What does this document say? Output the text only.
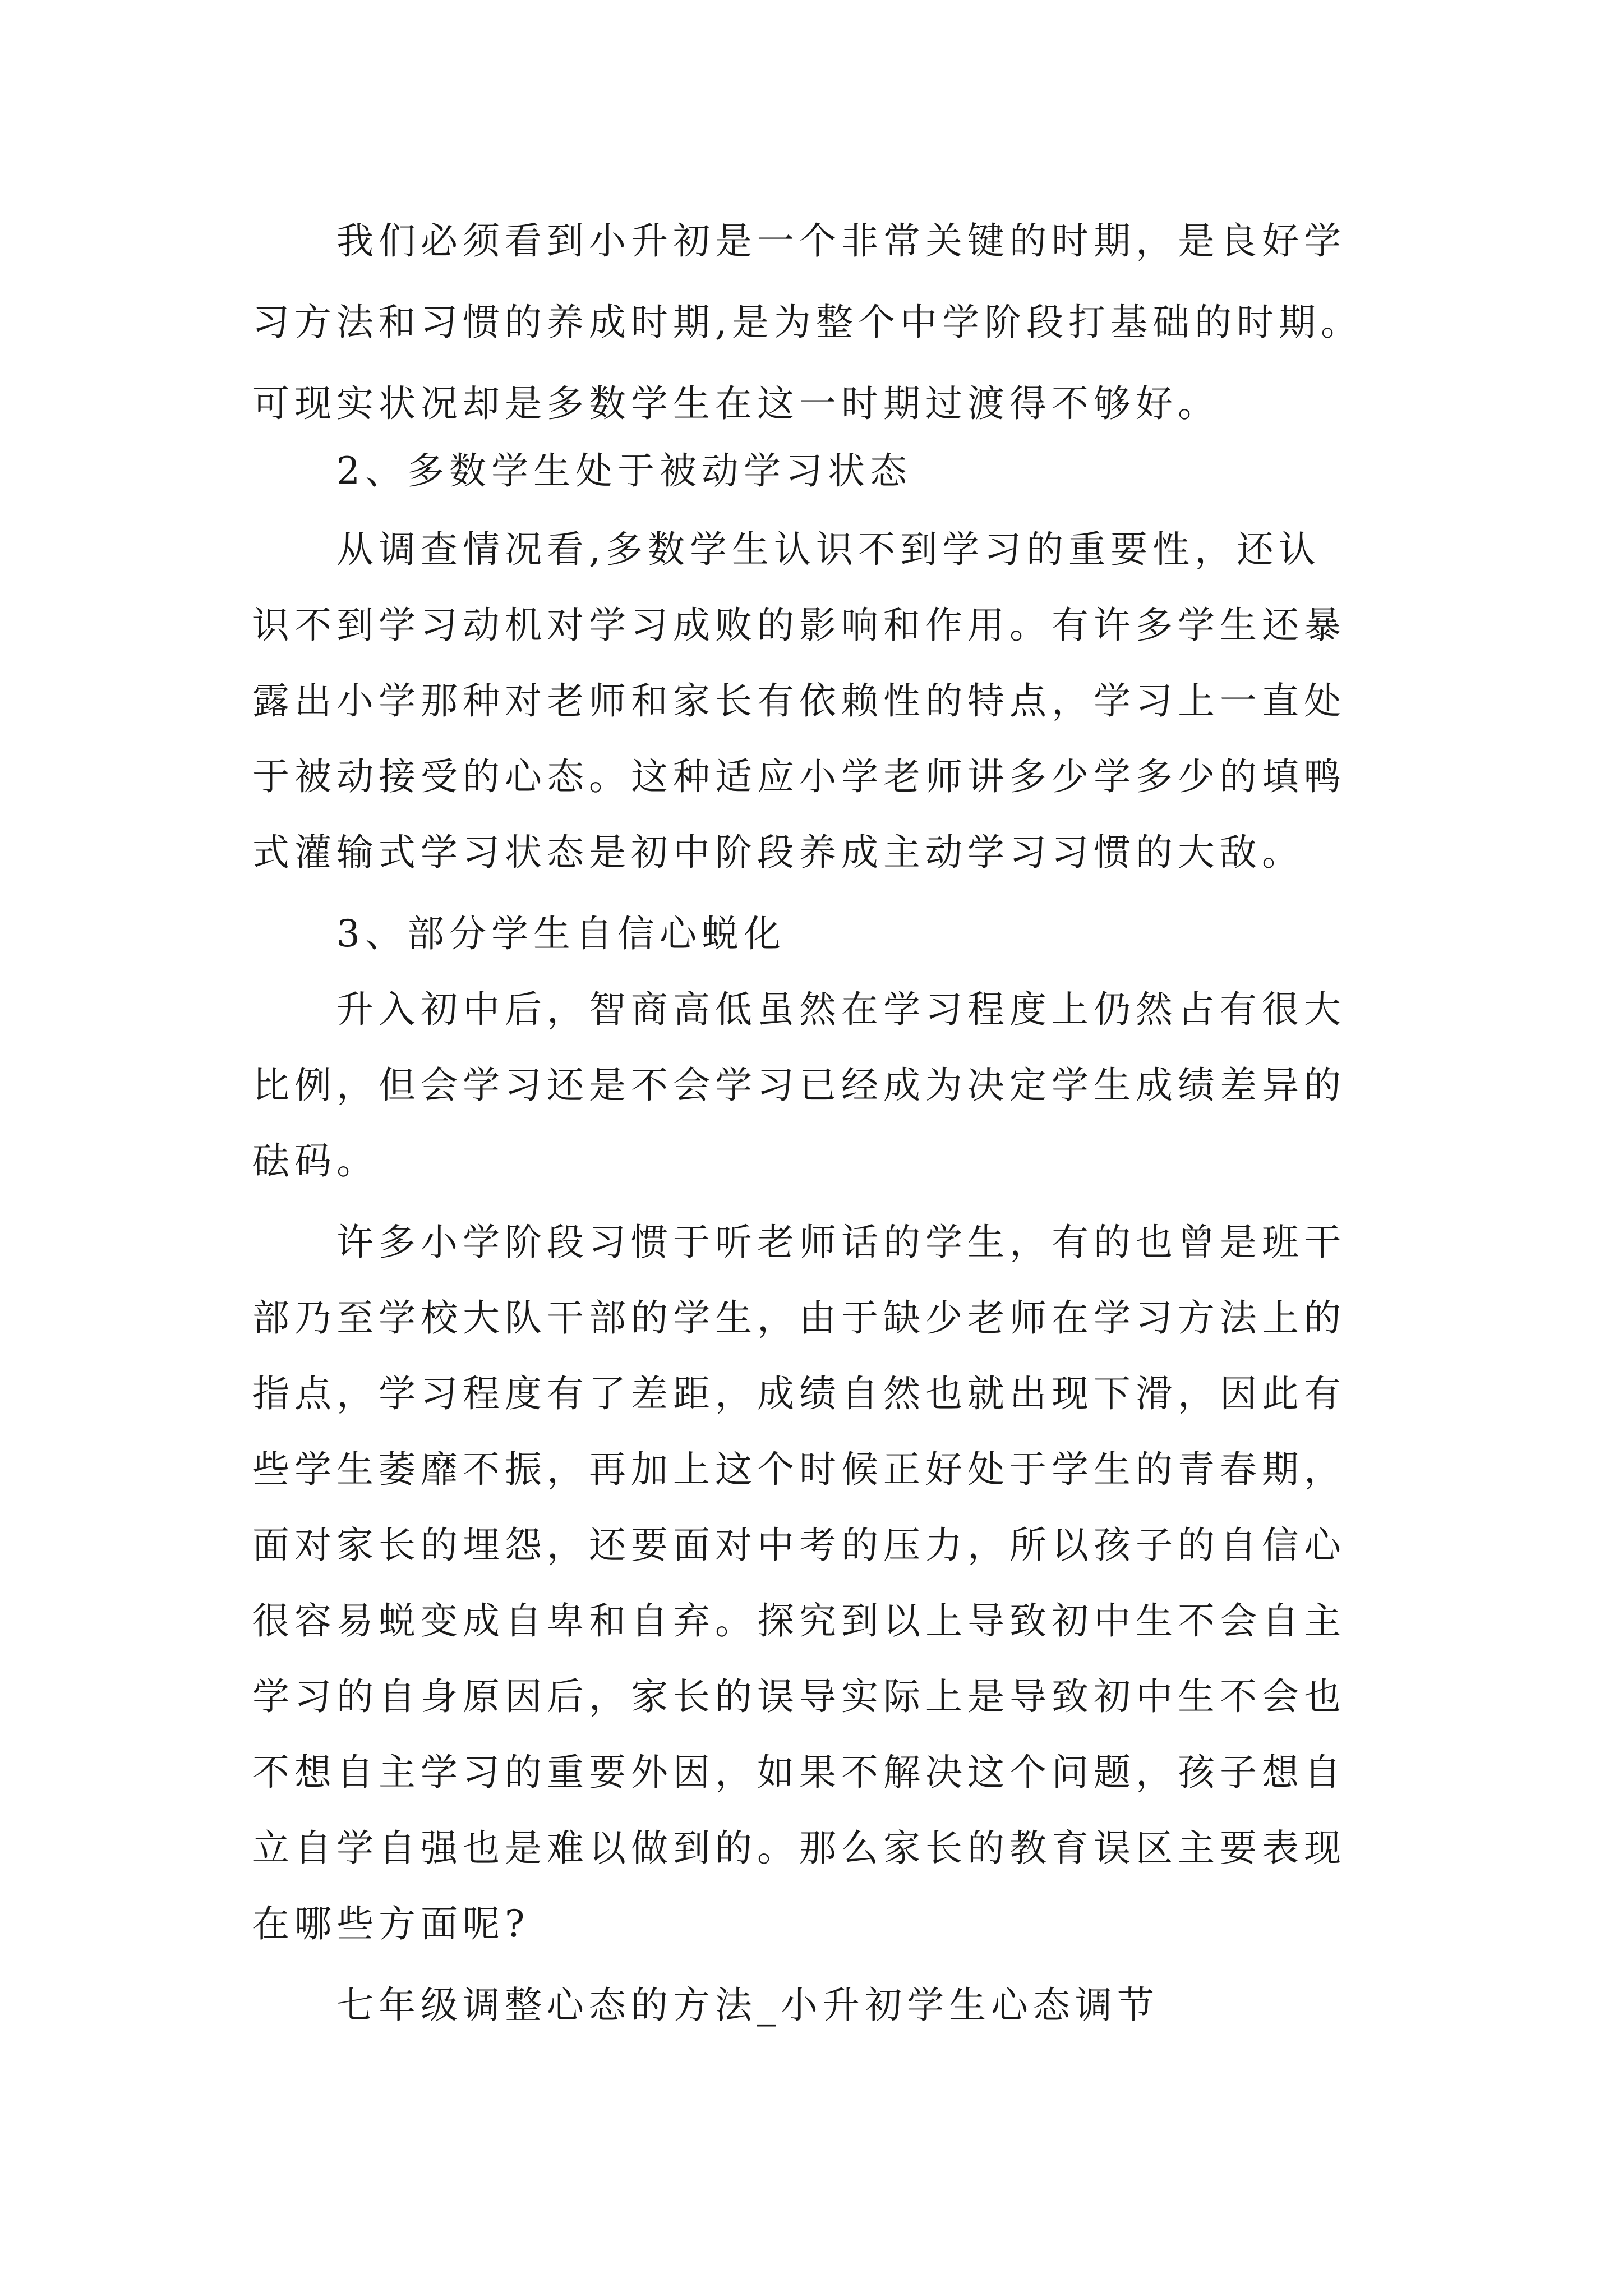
我们必须看到小升初是一个非常关键的时期，是良好学
习方法和习惯的养成时期,是为整个中学阶段打基础的时期。
可现实状况却是多数学生在这一时期过渡得不够好。
2、多数学生处于被动学习状态
从调查情况看,多数学生认识不到学习的重要性，还认
识不到学习动机对学习成败的影响和作用。有许多学生还暴
露出小学那种对老师和家长有依赖性的特点，学习上一直处
于被动接受的心态。这种适应小学老师讲多少学多少的填鸭
式灌输式学习状态是初中阶段养成主动学习习惯的大敌。
3、部分学生自信心蜕化
升入初中后，智商高低虽然在学习程度上仍然占有很大
比例，但会学习还是不会学习已经成为决定学生成绩差异的
砝码。
许多小学阶段习惯于听老师话的学生，有的也曾是班干
部乃至学校大队干部的学生，由于缺少老师在学习方法上的
指点，学习程度有了差距，成绩自然也就出现下滑，因此有
些学生萎靡不振，再加上这个时候正好处于学生的青春期，
面对家长的埋怨，还要面对中考的压力，所以孩子的自信心
很容易蜕变成自卑和自弃。探究到以上导致初中生不会自主
学习的自身原因后，家长的误导实际上是导致初中生不会也
不想自主学习的重要外因，如果不解决这个问题，孩子想自
立自学自强也是难以做到的。那么家长的教育误区主要表现
在哪些方面呢?
七年级调整心态的方法_小升初学生心态调节
